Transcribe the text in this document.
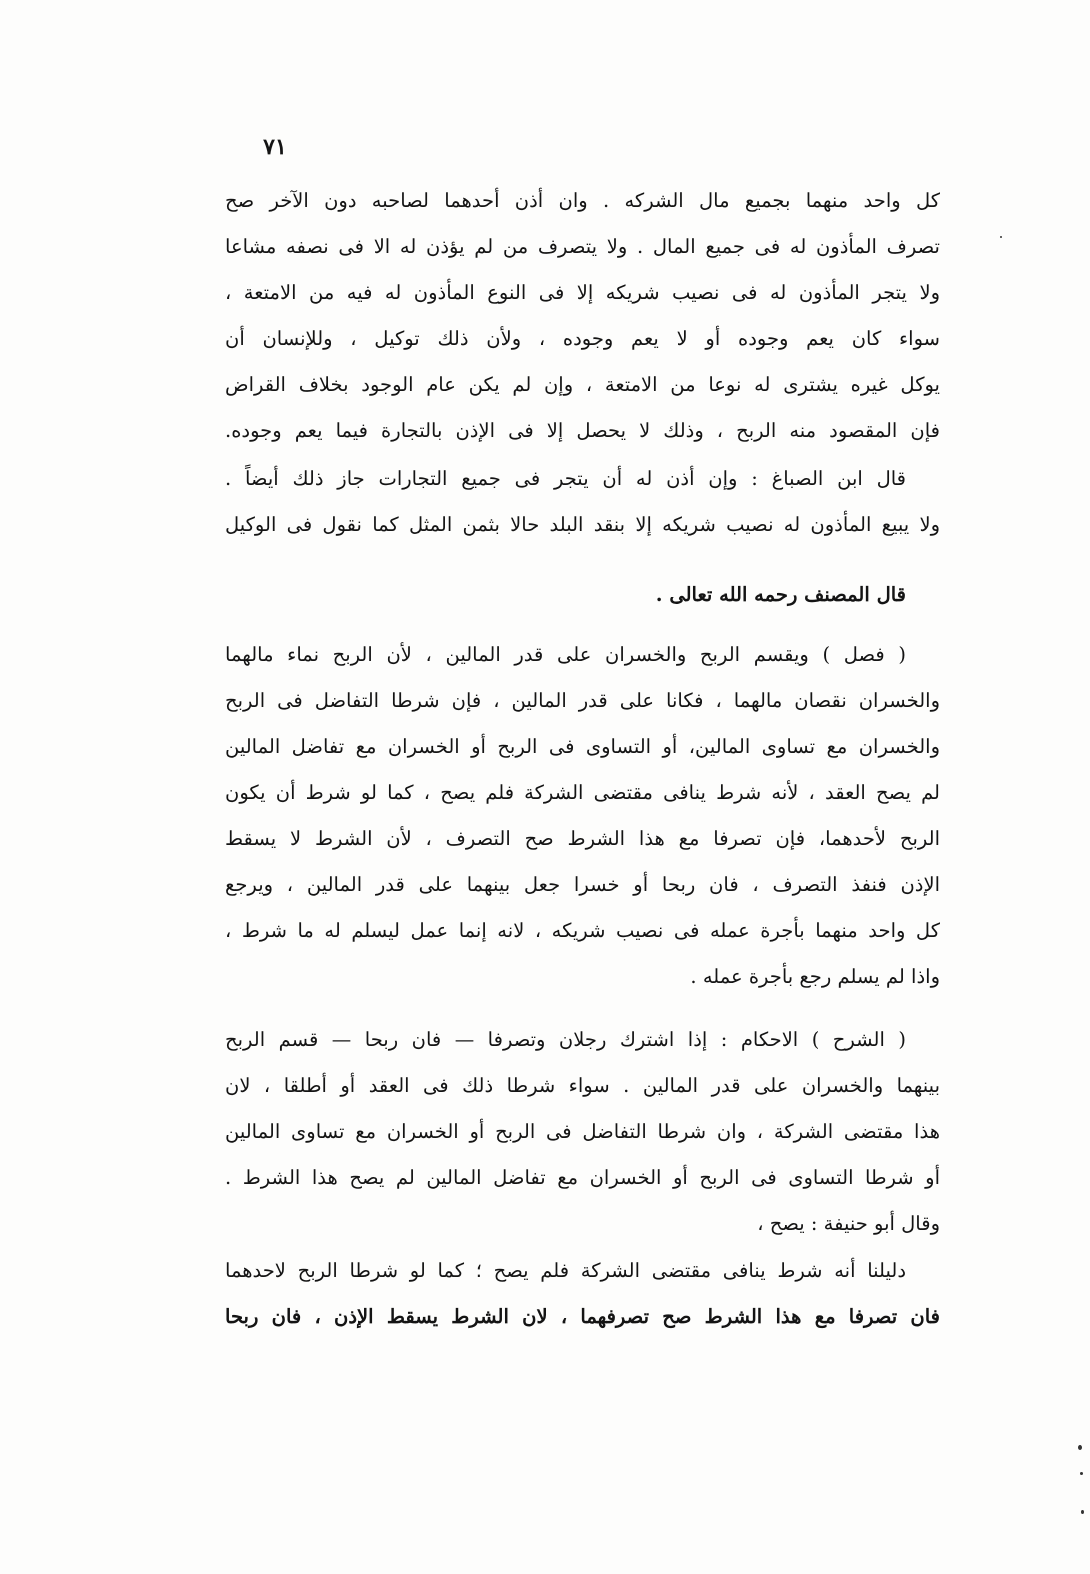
٧١
كل واحد منهما بجميع مال الشركه . وان أذن أحدهما لصاحبه دون الآخر صح
تصرف المأذون له فى جميع المال . ولا يتصرف من لم يؤذن له الا فى نصفه مشاعا
ولا يتجر المأذون له فى نصيب شريكه إلا فى النوع المأذون له فيه من الامتعة ،
سواء كان يعم وجوده أو لا يعم وجوده ، ولأن ذلك توكيل ، وللإنسان أن
يوكل غيره يشترى له نوعا من الامتعة ، وإن لم يكن عام الوجود بخلاف القراض
فإن المقصود منه الربح ، وذلك لا يحصل إلا فى الإذن بالتجارة فيما يعم وجوده.
قال ابن الصباغ : وإن أذن له أن يتجر فى جميع التجارات جاز ذلك أيضاً .
ولا يبيع المأذون له نصيب شريكه إلا بنقد البلد حالا بثمن المثل كما نقول فى الوكيل
قال المصنف رحمه الله تعالى .
( فصل ) ويقسم الربح والخسران على قدر المالين ، لأن الربح نماء مالهما
والخسران نقصان مالهما ، فكانا على قدر المالين ، فإن شرطا التفاضل فى الربح
والخسران مع تساوى المالين، أو التساوى فى الربح أو الخسران مع تفاضل المالين
لم يصح العقد ، لأنه شرط ينافى مقتضى الشركة فلم يصح ، كما لو شرط أن يكون
الربح لأحدهما، فإن تصرفا مع هذا الشرط صح التصرف ، لأن الشرط لا يسقط
الإذن فنفذ التصرف ، فان ربحا أو خسرا جعل بينهما على قدر المالين ، ويرجع
كل واحد منهما بأجرة عمله فى نصيب شريكه ، لانه إنما عمل ليسلم له ما شرط ،
واذا لم يسلم رجع بأجرة عمله .
( الشرح ) الاحكام : إذا اشترك رجلان وتصرفا — فان ربحا — قسم الربح
بينهما والخسران على قدر المالين . سواء شرطا ذلك فى العقد أو أطلقا ، لان
هذا مقتضى الشركة ، وان شرطا التفاضل فى الربح أو الخسران مع تساوى المالين
أو شرطا التساوى فى الربح أو الخسران مع تفاضل المالين لم يصح هذا الشرط .
وقال أبو حنيفة : يصح ،
دليلنا أنه شرط ينافى مقتضى الشركة فلم يصح ؛ كما لو شرطا الربح لاحدهما
فان تصرفا مع هذا الشرط صح تصرفهما ، لان الشرط يسقط الإذن ، فان ربحا
